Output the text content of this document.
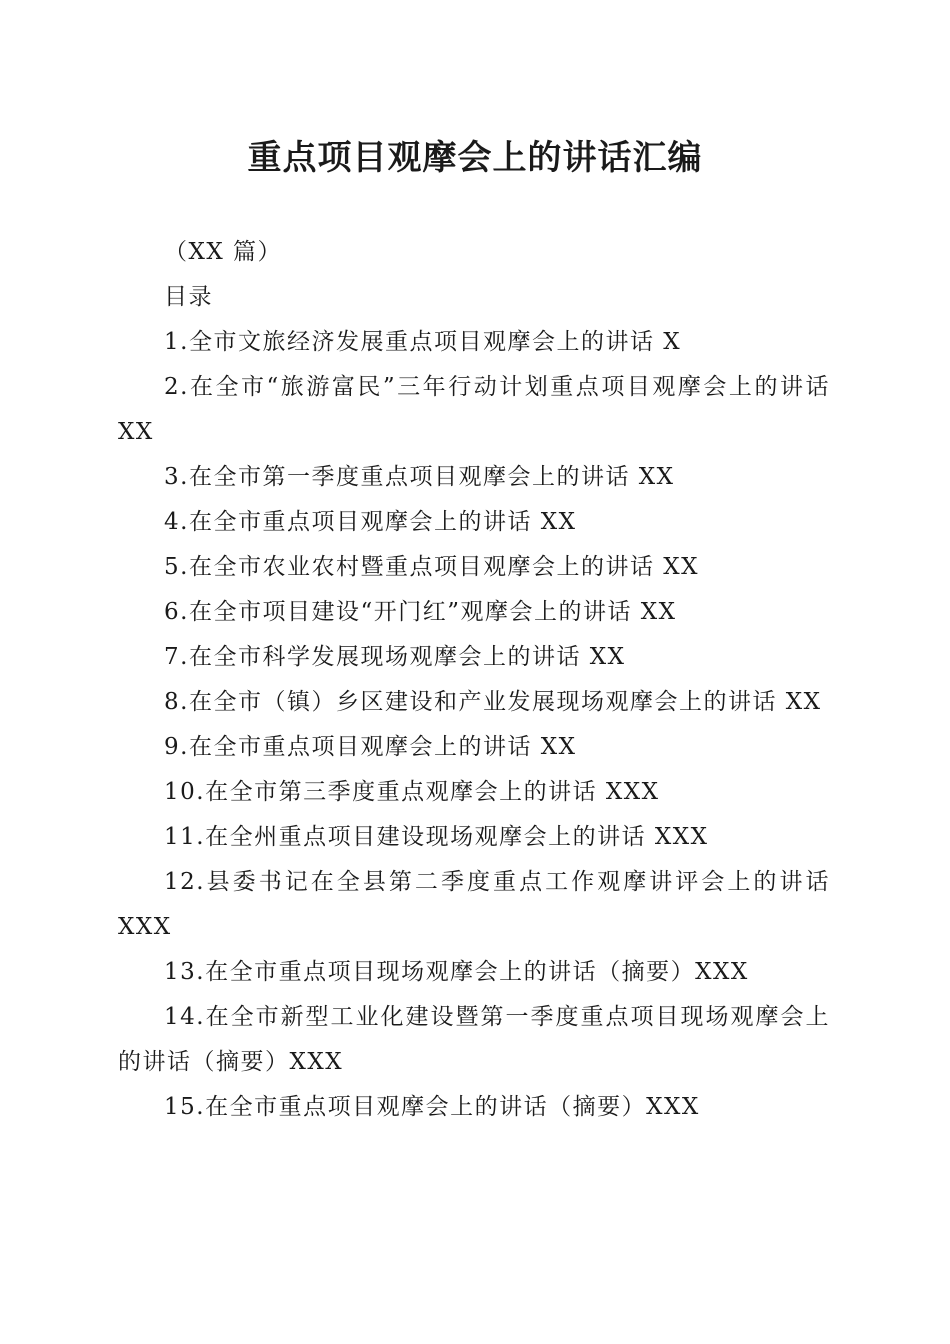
重点项目观摩会上的讲话汇编

（XX 篇）

目录

1.全市文旅经济发展重点项目观摩会上的讲话 X

2.在全市“旅游富民”三年行动计划重点项目观摩会上的讲话 XX

3.在全市第一季度重点项目观摩会上的讲话 XX

4.在全市重点项目观摩会上的讲话 XX

5.在全市农业农村暨重点项目观摩会上的讲话 XX

6.在全市项目建设“开门红”观摩会上的讲话 XX

7.在全市科学发展现场观摩会上的讲话 XX

8.在全市（镇）乡区建设和产业发展现场观摩会上的讲话 XX

9.在全市重点项目观摩会上的讲话 XX

10.在全市第三季度重点观摩会上的讲话 XXX

11.在全州重点项目建设现场观摩会上的讲话 XXX

12.县委书记在全县第二季度重点工作观摩讲评会上的讲话 XXX

13.在全市重点项目现场观摩会上的讲话（摘要）XXX

14.在全市新型工业化建设暨第一季度重点项目现场观摩会上的讲话（摘要）XXX

15.在全市重点项目观摩会上的讲话（摘要）XXX
